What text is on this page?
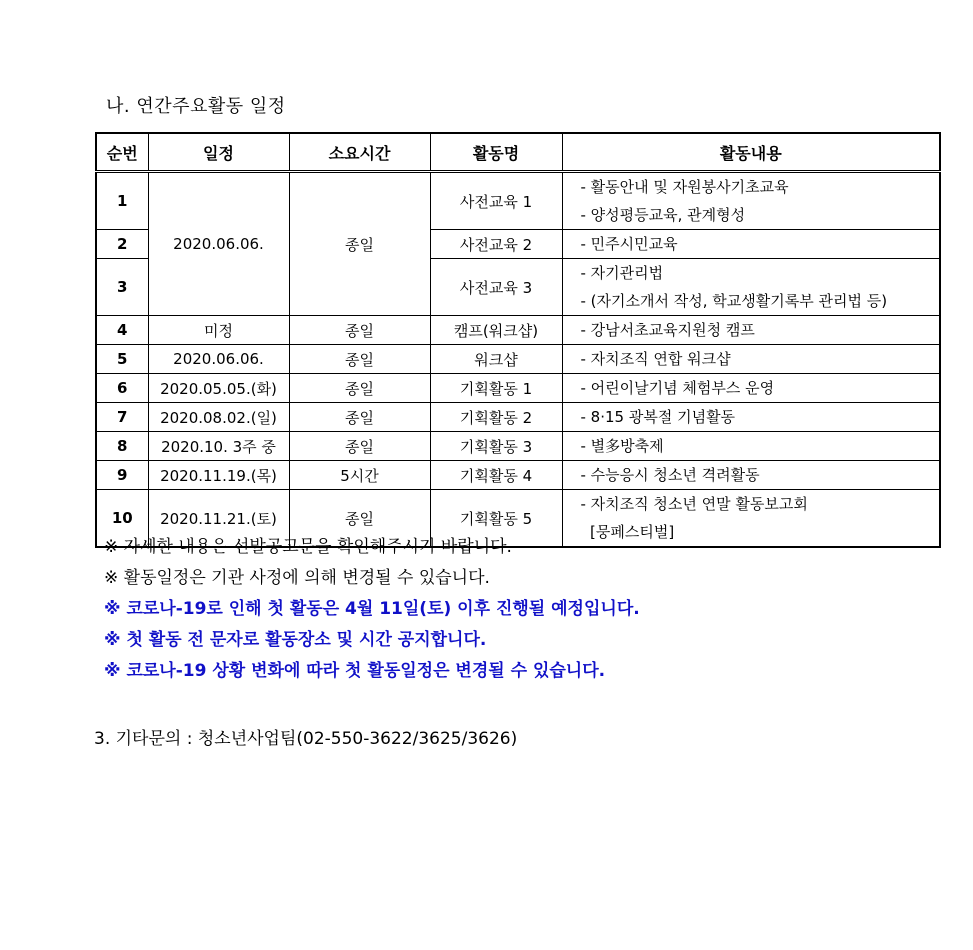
나. 연간주요활동 일정
순번	일정	소요시간	활동명	활동내용
1	2020.06.06.	종일	사전교육 1	- 활동안내 및 자원봉사기초교육
- 양성평등교육, 관계형성

2			사전교육 2	- 민주시민교육

3			사전교육 3	- 자기관리법
- (자기소개서 작성, 학교생활기록부 관리법 등)

4	미정	종일	캠프(워크샵)	- 강남서초교육지원청 캠프

5	2020.06.06.	종일	워크샵	- 자치조직 연합 워크샵

6	2020.05.05.(화)	종일	기획활동 1	- 어린이날기념 체험부스 운영

7	2020.08.02.(일)	종일	기획활동 2	- 8·15 광복절 기념활동

8	2020.10. 3주 중	종일	기획활동 3	- 별多방축제

9	2020.11.19.(목)	5시간	기획활동 4	- 수능응시 청소년 격려활동

10	2020.11.21.(토)	종일	기획활동 5	- 자치조직 청소년 연말 활동보고회
[뭉페스티벌]
※ 자세한 내용은 선발공고문을 확인해주시기 바랍니다.
※ 활동일정은 기관 사정에 의해 변경될 수 있습니다.
※ 코로나-19로 인해 첫 활동은 4월 11일(토) 이후 진행될 예정입니다.
※ 첫 활동 전 문자로 활동장소 및 시간 공지합니다.
※ 코로나-19 상황 변화에 따라 첫 활동일정은 변경될 수 있습니다.
3. 기타문의 : 청소년사업팀(02-550-3622/3625/3626)
